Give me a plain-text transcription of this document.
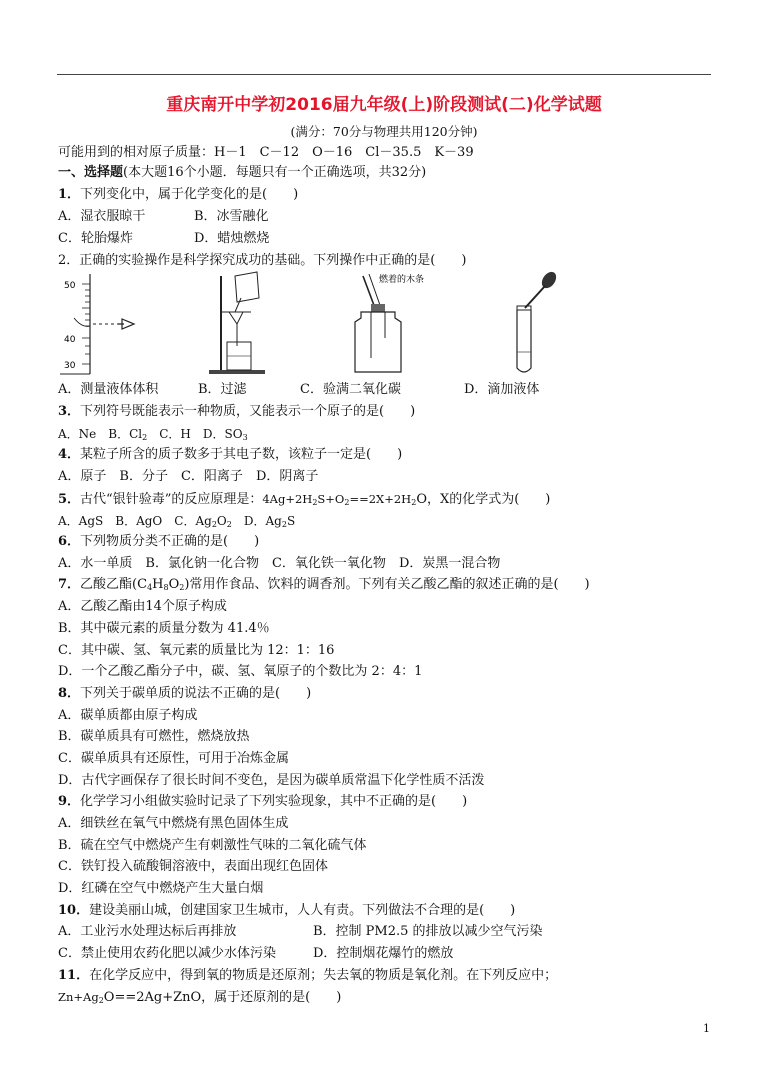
重庆南开中学初2016届九年级(上)阶段测试(二)化学试题
(满分：70分与物理共用120分钟)
可能用到的相对原子质量：H－1　C－12　O－16　Cl－35.5　K－39
一、选择题(本大题16个小题．每题只有一个正确选项，共32分)
1．下列变化中，属于化学变化的是(　　)
A．湿衣服晾干	B．冰雪融化
C．轮胎爆炸	D．蜡烛燃烧
2．正确的实验操作是科学探究成功的基础。下列操作中正确的是(　　)
50
40
30
燃着的木条
A．测量液体体积	B．过滤	C．验满二氧化碳	D．滴加液体
3．下列符号既能表示一种物质，又能表示一个原子的是(　　)
A．Ne　 B．$Cl_2$　 C．H　 D．$SO_3$
4．某粒子所含的质子数多于其电子数，该粒子一定是(　　)
A．原子　 B．分子　 C．阳离子　 D．阴离子
5．古代“银针验毒”的反应原理是：$4Ag+2H_2S+O_2==2X+2H_2O$，X的化学式为(　　)
A．AgS　 B．AgO　 C．$Ag_2O_2$　 D．$Ag_2S$
6．下列物质分类不正确的是(　　)
A．水一单质　 B．氯化钠一化合物　 C．氧化铁一氧化物　 D．炭黑一混合物
7．乙酸乙酯$(C_4H_8O_2)$常用作食品、饮料的调香剂。下列有关乙酸乙酯的叙述正确的是(　　)
A．乙酸乙酯由14个原子构成
B．其中碳元素的质量分数为 41.4％
C．其中碳、氢、氧元素的质量比为 12：1：16
D．一个乙酸乙酯分子中，碳、氢、氧原子的个数比为 2：4：1
8．下列关于碳单质的说法不正确的是(　　)
A．碳单质都由原子构成
B．碳单质具有可燃性，燃烧放热
C．碳单质具有还原性，可用于冶炼金属
D．古代字画保存了很长时间不变色，是因为碳单质常温下化学性质不活泼
9．化学学习小组做实验时记录了下列实验现象，其中不正确的是(　　)
A．细铁丝在氧气中燃烧有黑色固体生成
B．硫在空气中燃烧产生有刺激性气味的二氧化硫气体
C．铁钉投入硫酸铜溶液中，表面出现红色固体
D．红磷在空气中燃烧产生大量白烟
10．建设美丽山城，创建国家卫生城市，人人有责。下列做法不合理的是(　　)
A．工业污水处理达标后再排放	B．控制 PM2.5 的排放以减少空气污染
C．禁止使用农药化肥以减少水体污染	D．控制烟花爆竹的燃放
11．在化学反应中，得到氧的物质是还原剂；失去氧的物质是氧化剂。在下列反应中；
$Zn+Ag_2O==2Ag+ZnO$，属于还原剂的是(　　)
1
